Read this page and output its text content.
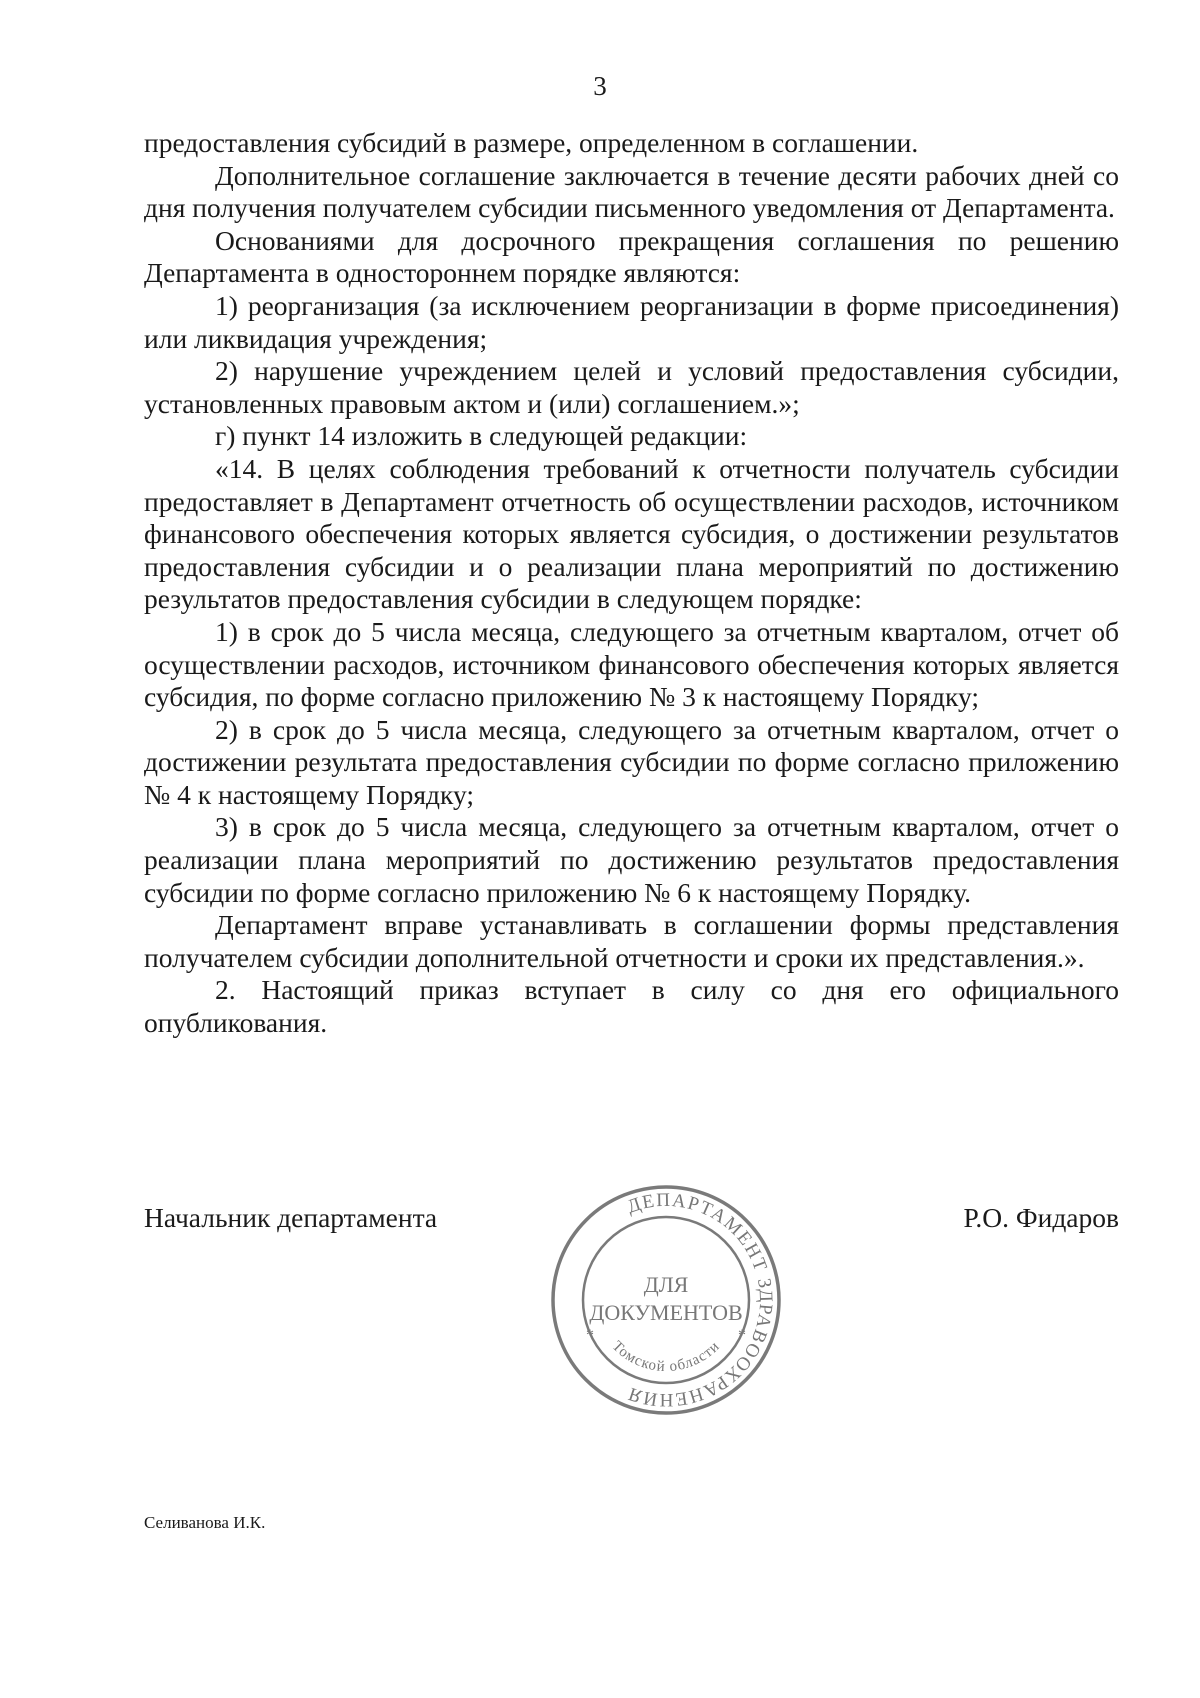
3

предоставления субсидий в размере, определенном в соглашении.

Дополнительное соглашение заключается в течение десяти рабочих дней со дня получения получателем субсидии письменного уведомления от Департамента.

Основаниями для досрочного прекращения соглашения по решению Департамента в одностороннем порядке являются:

1) реорганизация (за исключением реорганизации в форме присоединения) или ликвидация учреждения;

2) нарушение учреждением целей и условий предоставления субсидии, установленных правовым актом и (или) соглашением.»;

г) пункт 14 изложить в следующей редакции:

«14. В целях соблюдения требований к отчетности получатель субсидии предоставляет в Департамент отчетность об осуществлении расходов, источником финансового обеспечения которых является субсидия, о достижении результатов предоставления субсидии и о реализации плана мероприятий по достижению результатов предоставления субсидии в следующем порядке:

1) в срок до 5 числа месяца, следующего за отчетным кварталом, отчет об осуществлении расходов, источником финансового обеспечения которых является субсидия, по форме согласно приложению № 3 к настоящему Порядку;

2) в срок до 5 числа месяца, следующего за отчетным кварталом, отчет о достижении результата предоставления субсидии по форме согласно приложению № 4 к настоящему Порядку;

3) в срок до 5 числа месяца, следующего за отчетным кварталом, отчет о реализации плана мероприятий по достижению результатов предоставления субсидии по форме согласно приложению № 6 к настоящему Порядку.

Департамент вправе устанавливать в соглашении формы представления получателем субсидии дополнительной отчетности и сроки их представления.».

2. Настоящий приказ вступает в силу со дня его официального опубликования.

Начальник департамента	Р.О. Фидаров
ДЕПАРТАМЕНТ ЗДРАВООХРАНЕНИЯ
Томской области
*	*
ДЛЯ
ДОКУМЕНТОВ
Селиванова И.К.
